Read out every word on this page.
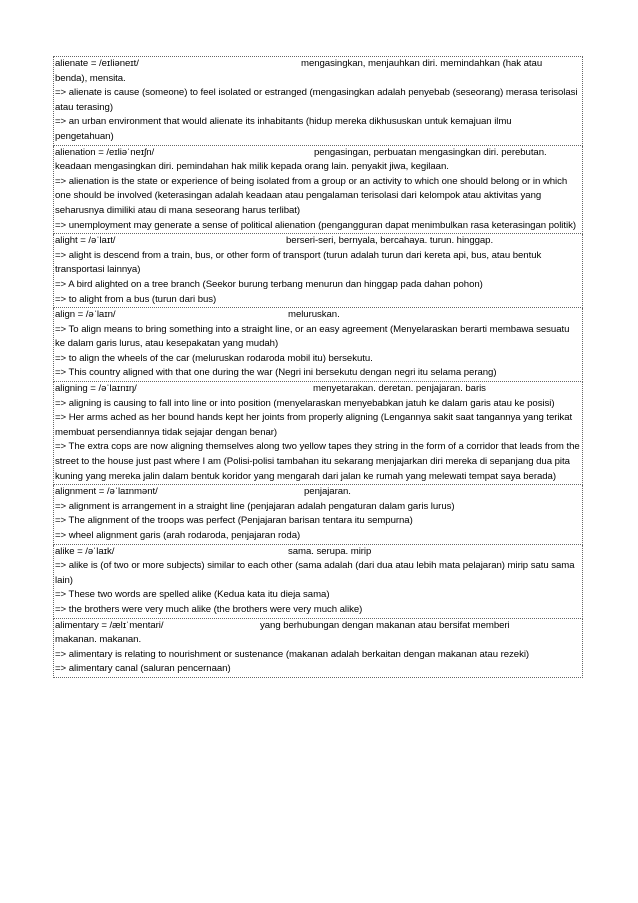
alienate = /eɪliəneɪt/	mengasingkan, menjauhkan diri. memindahkan (hak atau

benda), mensita.

=> alienate is cause (someone) to feel isolated or estranged (mengasingkan adalah penyebab (seseorang) merasa terisolasi atau terasing)

=> an urban environment that would alienate its inhabitants (hidup mereka dikhususkan untuk kemajuan ilmu

pengetahuan)

alienation = /eɪliəˈneɪʃn/	pengasingan, perbuatan mengasingkan diri. perebutan.

keadaan mengasingkan diri. pemindahan hak milik kepada orang lain. penyakit jiwa, kegilaan.

=> alienation is the state or experience of being isolated from a group or an activity to which one should belong or in which one should be involved (keterasingan adalah keadaan atau pengalaman terisolasi dari kelompok atau aktivitas yang seharusnya dimiliki atau di mana seseorang harus terlibat)

=> unemployment may generate a sense of political alienation (pengangguran dapat menimbulkan rasa keterasingan politik)

alight = /əˈlaɪt/	berseri-seri, bernyala, bercahaya. turun. hinggap.

=> alight is descend from a train, bus, or other form of transport (turun adalah turun dari kereta api, bus, atau bentuk transportasi lainnya)

=> A bird alighted on a tree branch (Seekor burung terbang menurun dan hinggap pada dahan pohon)

=> to alight from a bus (turun dari bus)

align = /əˈlaɪn/	meluruskan.

=> To align means to bring something into a straight line, or an easy agreement (Menyelaraskan berarti membawa sesuatu ke dalam garis lurus, atau kesepakatan yang mudah)

=> to align the wheels of the car (meluruskan rodaroda mobil itu) bersekutu.

=> This country aligned with that one during the war (Negri ini bersekutu dengan negri itu selama perang)

aligning = /əˈlaɪnɪŋ/	menyetarakan. deretan. penjajaran. baris

=> aligning is causing to fall into line or into position (menyelaraskan menyebabkan jatuh ke dalam garis atau ke posisi)

=> Her arms ached as her bound hands kept her joints from properly aligning (Lengannya sakit saat tangannya yang terikat membuat persendiannya tidak sejajar dengan benar)

=> The extra cops are now aligning themselves along two yellow tapes they string in the form of a corridor that leads from the street to the house just past where I am (Polisi-polisi tambahan itu sekarang menjajarkan diri mereka di sepanjang dua pita kuning yang mereka jalin dalam bentuk koridor yang mengarah dari jalan ke rumah yang melewati tempat saya berada)

alignment = /əˈlaɪnmənt/	penjajaran.

=> alignment is arrangement in a straight line (penjajaran adalah pengaturan dalam garis lurus)

=> The alignment of the troops was perfect (Penjajaran barisan tentara itu sempurna)

=> wheel alignment garis (arah rodaroda, penjajaran roda)

alike = /əˈlaɪk/	sama. serupa. mirip

=> alike is (of two or more subjects) similar to each other (sama adalah (dari dua atau lebih mata pelajaran) mirip satu sama lain)

=> These two words are spelled alike (Kedua kata itu dieja sama)

=> the brothers were very much alike (the brothers were very much alike)

alimentary = /ælɪˈmentari/	yang berhubungan dengan makanan atau bersifat memberi

makanan. makanan.

=> alimentary is relating to nourishment or sustenance (makanan adalah berkaitan dengan makanan atau rezeki)

=> alimentary canal (saluran pencernaan)
